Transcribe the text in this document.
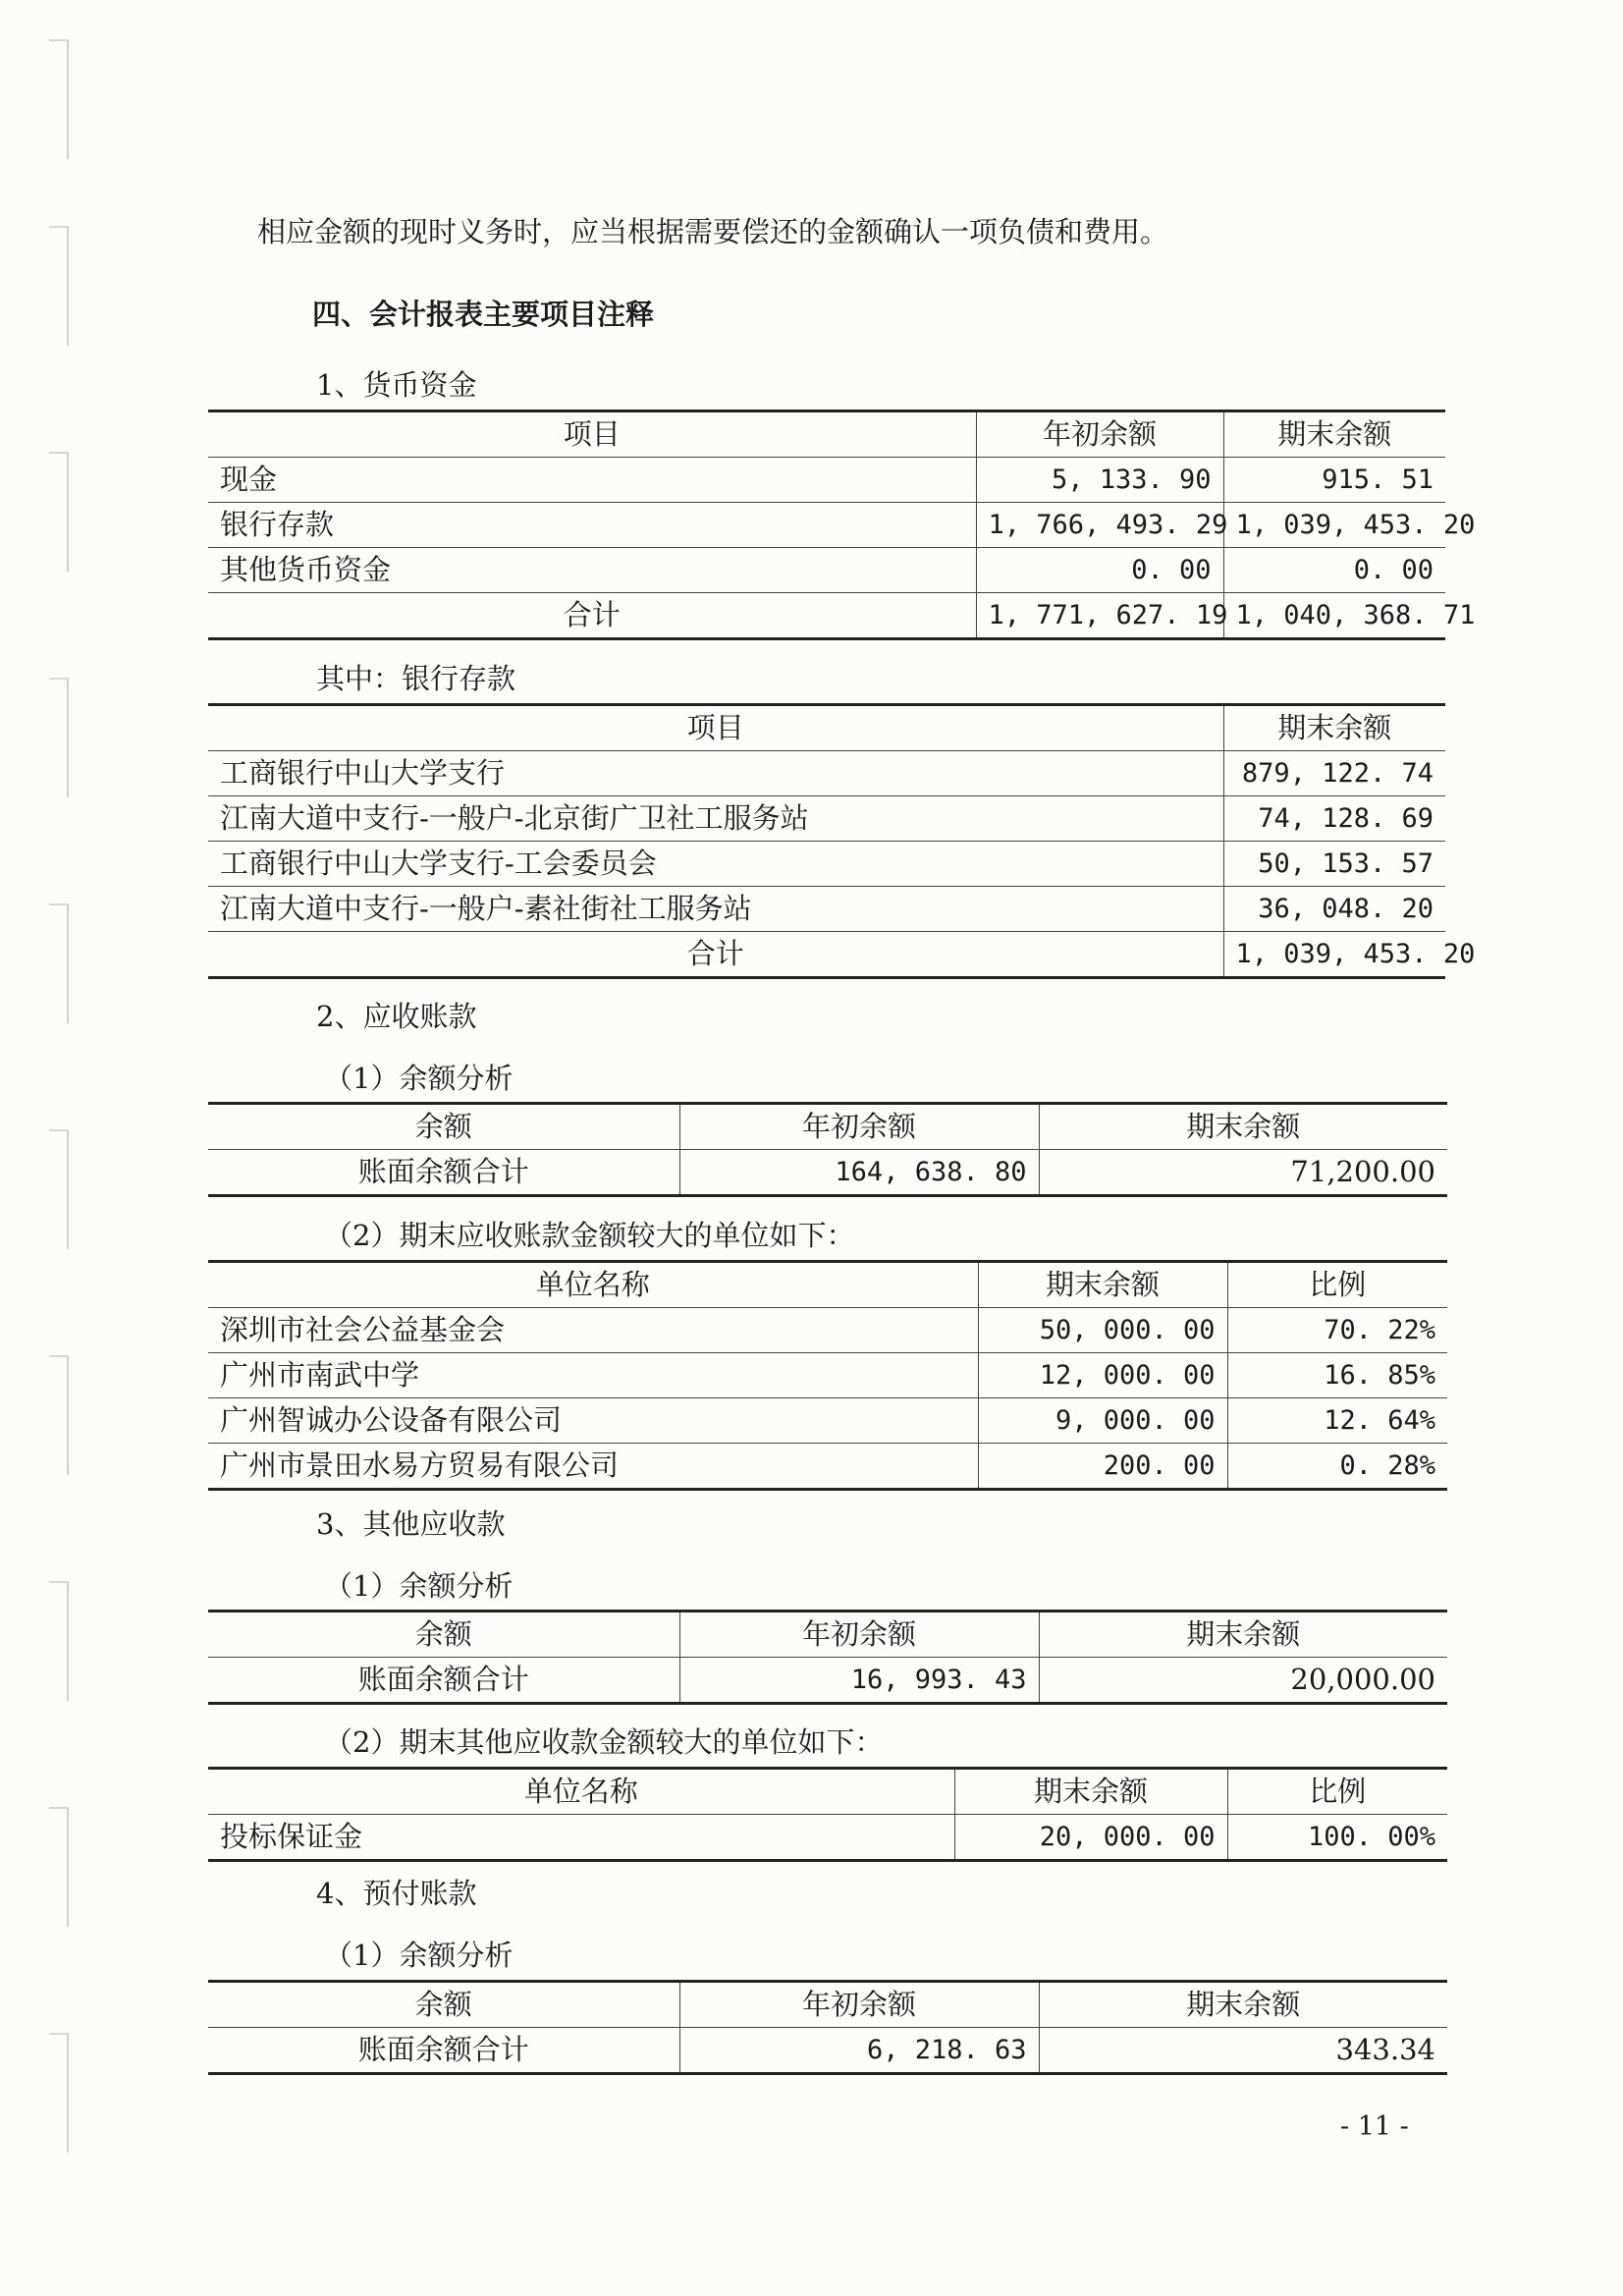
相应金额的现时义务时，应当根据需要偿还的金额确认一项负债和费用。
四、会计报表主要项目注释
1、货币资金
项目	年初余额	期末余额
现金	5, 133. 90	915. 51
银行存款	1, 766, 493. 29	1, 039, 453. 20
其他货币资金	0. 00	0. 00
合计	1, 771, 627. 19	1, 040, 368. 71
其中：银行存款
项目	期末余额
工商银行中山大学支行	879, 122. 74
江南大道中支行-一般户-北京街广卫社工服务站	74, 128. 69
工商银行中山大学支行-工会委员会	50, 153. 57
江南大道中支行-一般户-素社街社工服务站	36, 048. 20
合计	1, 039, 453. 20
2、应收账款
（1）余额分析
余额	年初余额	期末余额
账面余额合计	164, 638. 80	71,200.00
（2）期末应收账款金额较大的单位如下：
单位名称	期末余额	比例
深圳市社会公益基金会	50, 000. 00	70. 22%
广州市南武中学	12, 000. 00	16. 85%
广州智诚办公设备有限公司	9, 000. 00	12. 64%
广州市景田水易方贸易有限公司	200. 00	0. 28%
3、其他应收款
（1）余额分析
余额	年初余额	期末余额
账面余额合计	16, 993. 43	20,000.00
（2）期末其他应收款金额较大的单位如下：
单位名称	期末余额	比例
投标保证金	20, 000. 00	100. 00%
4、预付账款
（1）余额分析
余额	年初余额	期末余额
账面余额合计	6, 218. 63	343.34
- 11 -
